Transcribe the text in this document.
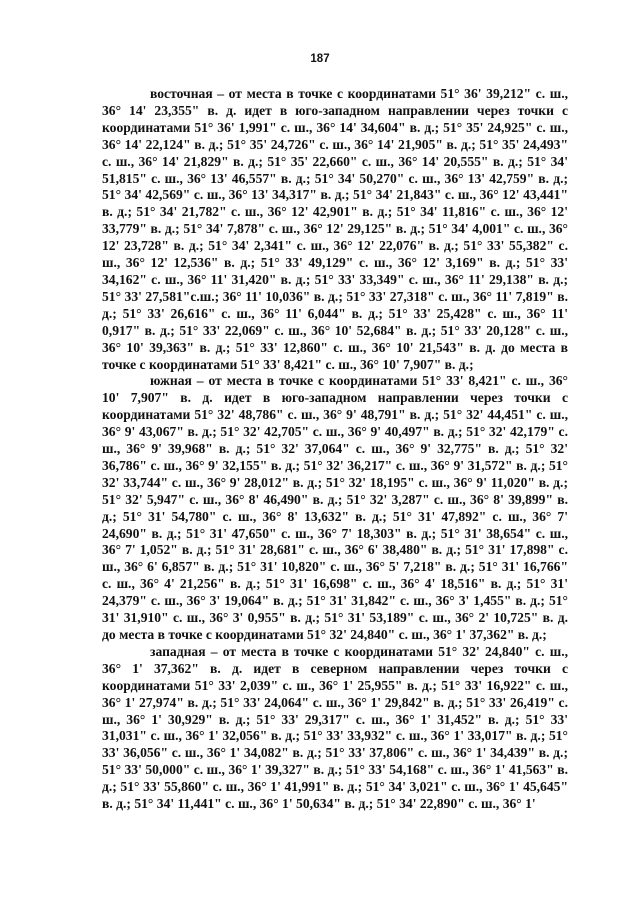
187

восточная – от места в точке с координатами 51° 36' 39,212" с. ш., 36° 14' 23,355" в. д. идет в юго-западном направлении через точки с координатами 51° 36' 1,991" с. ш., 36° 14' 34,604" в. д.; 51° 35' 24,925" с. ш., 36° 14' 22,124" в. д.; 51° 35' 24,726" с. ш., 36° 14' 21,905" в. д.; 51° 35' 24,493" с. ш., 36° 14' 21,829" в. д.; 51° 35' 22,660" с. ш., 36° 14' 20,555" в. д.; 51° 34' 51,815" с. ш., 36° 13' 46,557" в. д.; 51° 34' 50,270" с. ш., 36° 13' 42,759" в. д.; 51° 34' 42,569" с. ш., 36° 13' 34,317" в. д.; 51° 34' 21,843" с. ш., 36° 12' 43,441" в. д.; 51° 34' 21,782" с. ш., 36° 12' 42,901" в. д.; 51° 34' 11,816" с. ш., 36° 12' 33,779" в. д.; 51° 34' 7,878" с. ш., 36° 12' 29,125" в. д.; 51° 34' 4,001" с. ш., 36° 12' 23,728" в. д.; 51° 34' 2,341" с. ш., 36° 12' 22,076" в. д.; 51° 33' 55,382" с. ш., 36° 12' 12,536" в. д.; 51° 33' 49,129" с. ш., 36° 12' 3,169" в. д.; 51° 33' 34,162" с. ш., 36° 11' 31,420" в. д.; 51° 33' 33,349" с. ш., 36° 11' 29,138" в. д.; 51° 33' 27,581"с.ш.; 36° 11' 10,036" в. д.; 51° 33' 27,318" с. ш., 36° 11' 7,819" в. д.; 51° 33' 26,616" с. ш., 36° 11' 6,044" в. д.; 51° 33' 25,428" с. ш., 36° 11' 0,917" в. д.; 51° 33' 22,069" с. ш., 36° 10' 52,684" в. д.; 51° 33' 20,128" с. ш., 36° 10' 39,363" в. д.; 51° 33' 12,860" с. ш., 36° 10' 21,543" в. д. до места в точке с координатами 51° 33' 8,421" с. ш., 36° 10' 7,907" в. д.;

южная – от места в точке с координатами 51° 33' 8,421" с. ш., 36° 10' 7,907" в. д. идет в юго-западном направлении через точки с координатами 51° 32' 48,786" с. ш., 36° 9' 48,791" в. д.; 51° 32' 44,451" с. ш., 36° 9' 43,067" в. д.; 51° 32' 42,705" с. ш., 36° 9' 40,497" в. д.; 51° 32' 42,179" с. ш., 36° 9' 39,968" в. д.; 51° 32' 37,064" с. ш., 36° 9' 32,775" в. д.; 51° 32' 36,786" с. ш., 36° 9' 32,155" в. д.; 51° 32' 36,217" с. ш., 36° 9' 31,572" в. д.; 51° 32' 33,744" с. ш., 36° 9' 28,012" в. д.; 51° 32' 18,195" с. ш., 36° 9' 11,020" в. д.; 51° 32' 5,947" с. ш., 36° 8' 46,490" в. д.; 51° 32' 3,287" с. ш., 36° 8' 39,899" в. д.; 51° 31' 54,780" с. ш., 36° 8' 13,632" в. д.; 51° 31' 47,892" с. ш., 36° 7' 24,690" в. д.; 51° 31' 47,650" с. ш., 36° 7' 18,303" в. д.; 51° 31' 38,654" с. ш., 36° 7' 1,052" в. д.; 51° 31' 28,681" с. ш., 36° 6' 38,480" в. д.; 51° 31' 17,898" с. ш., 36° 6' 6,857" в. д.; 51° 31' 10,820" с. ш., 36° 5' 7,218" в. д.; 51° 31' 16,766" с. ш., 36° 4' 21,256" в. д.; 51° 31' 16,698" с. ш., 36° 4' 18,516" в. д.; 51° 31' 24,379" с. ш., 36° 3' 19,064" в. д.; 51° 31' 31,842" с. ш., 36° 3' 1,455" в. д.; 51° 31' 31,910" с. ш., 36° 3' 0,955" в. д.; 51° 31' 53,189" с. ш., 36° 2' 10,725" в. д. до места в точке с координатами 51° 32' 24,840" с. ш., 36° 1' 37,362" в. д.;

западная – от места в точке с координатами 51° 32' 24,840" с. ш., 36° 1' 37,362" в. д. идет в северном направлении через точки с координатами 51° 33' 2,039" с. ш., 36° 1' 25,955" в. д.; 51° 33' 16,922" с. ш., 36° 1' 27,974" в. д.; 51° 33' 24,064" с. ш., 36° 1' 29,842" в. д.; 51° 33' 26,419" с. ш., 36° 1' 30,929" в. д.; 51° 33' 29,317" с. ш., 36° 1' 31,452" в. д.; 51° 33' 31,031" с. ш., 36° 1' 32,056" в. д.; 51° 33' 33,932" с. ш., 36° 1' 33,017" в. д.; 51° 33' 36,056" с. ш., 36° 1' 34,082" в. д.; 51° 33' 37,806" с. ш., 36° 1' 34,439" в. д.; 51° 33' 50,000" с. ш., 36° 1' 39,327" в. д.; 51° 33' 54,168" с. ш., 36° 1' 41,563" в. д.; 51° 33' 55,860" с. ш., 36° 1' 41,991" в. д.; 51° 34' 3,021" с. ш., 36° 1' 45,645" в. д.; 51° 34' 11,441" с. ш., 36° 1' 50,634" в. д.; 51° 34' 22,890" с. ш., 36° 1'
